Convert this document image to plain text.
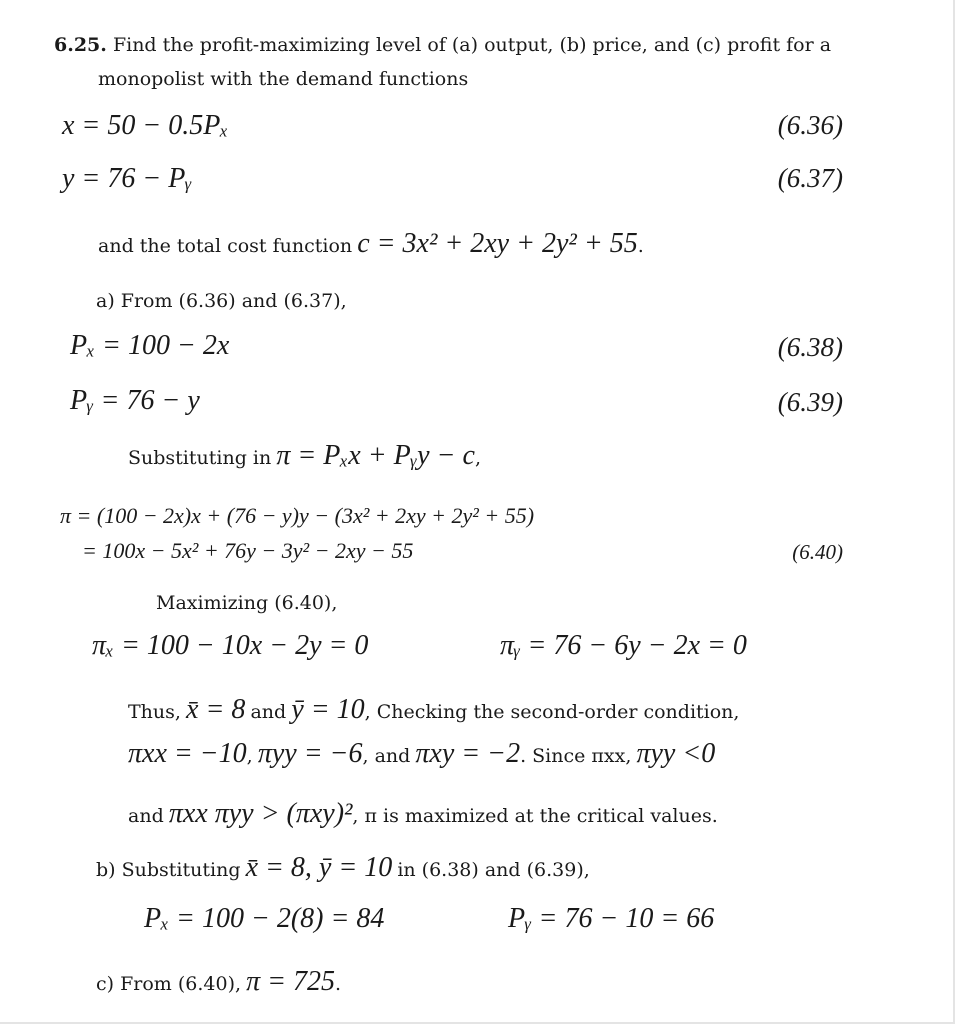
6.25. Find the profit-maximizing level of (a) output, (b) price, and (c) profit for a
monopolist with the demand functions
x = 50 − 0.5Pₓ	(6.36)
y = 76 − Pᵧ	(6.37)
and the total cost function c = 3x² + 2xy + 2y² + 55.
a) From (6.36) and (6.37),
Pₓ = 100 − 2x	(6.38)
Pᵧ = 76 − y	(6.39)
Substituting in π = Pₓx + Pᵧy − c,
π = (100 − 2x)x + (76 − y)y − (3x² + 2xy + 2y² + 55)
= 100x − 5x² + 76y − 3y² − 2xy − 55	(6.40)
Maximizing (6.40),
πₓ = 100 − 10x − 2y = 0	πᵧ = 76 − 6y − 2x = 0
Thus, x̄ = 8 and ȳ = 10, Checking the second-order condition,
πxx = −10, πyy = −6, and πxy = −2. Since πxx, πyy <0
and πxx πyy > (πxy)², π is maximized at the critical values.
b) Substituting x̄ = 8, ȳ = 10 in (6.38) and (6.39),
Pₓ = 100 − 2(8) = 84	Pᵧ = 76 − 10 = 66
c) From (6.40), π = 725.
